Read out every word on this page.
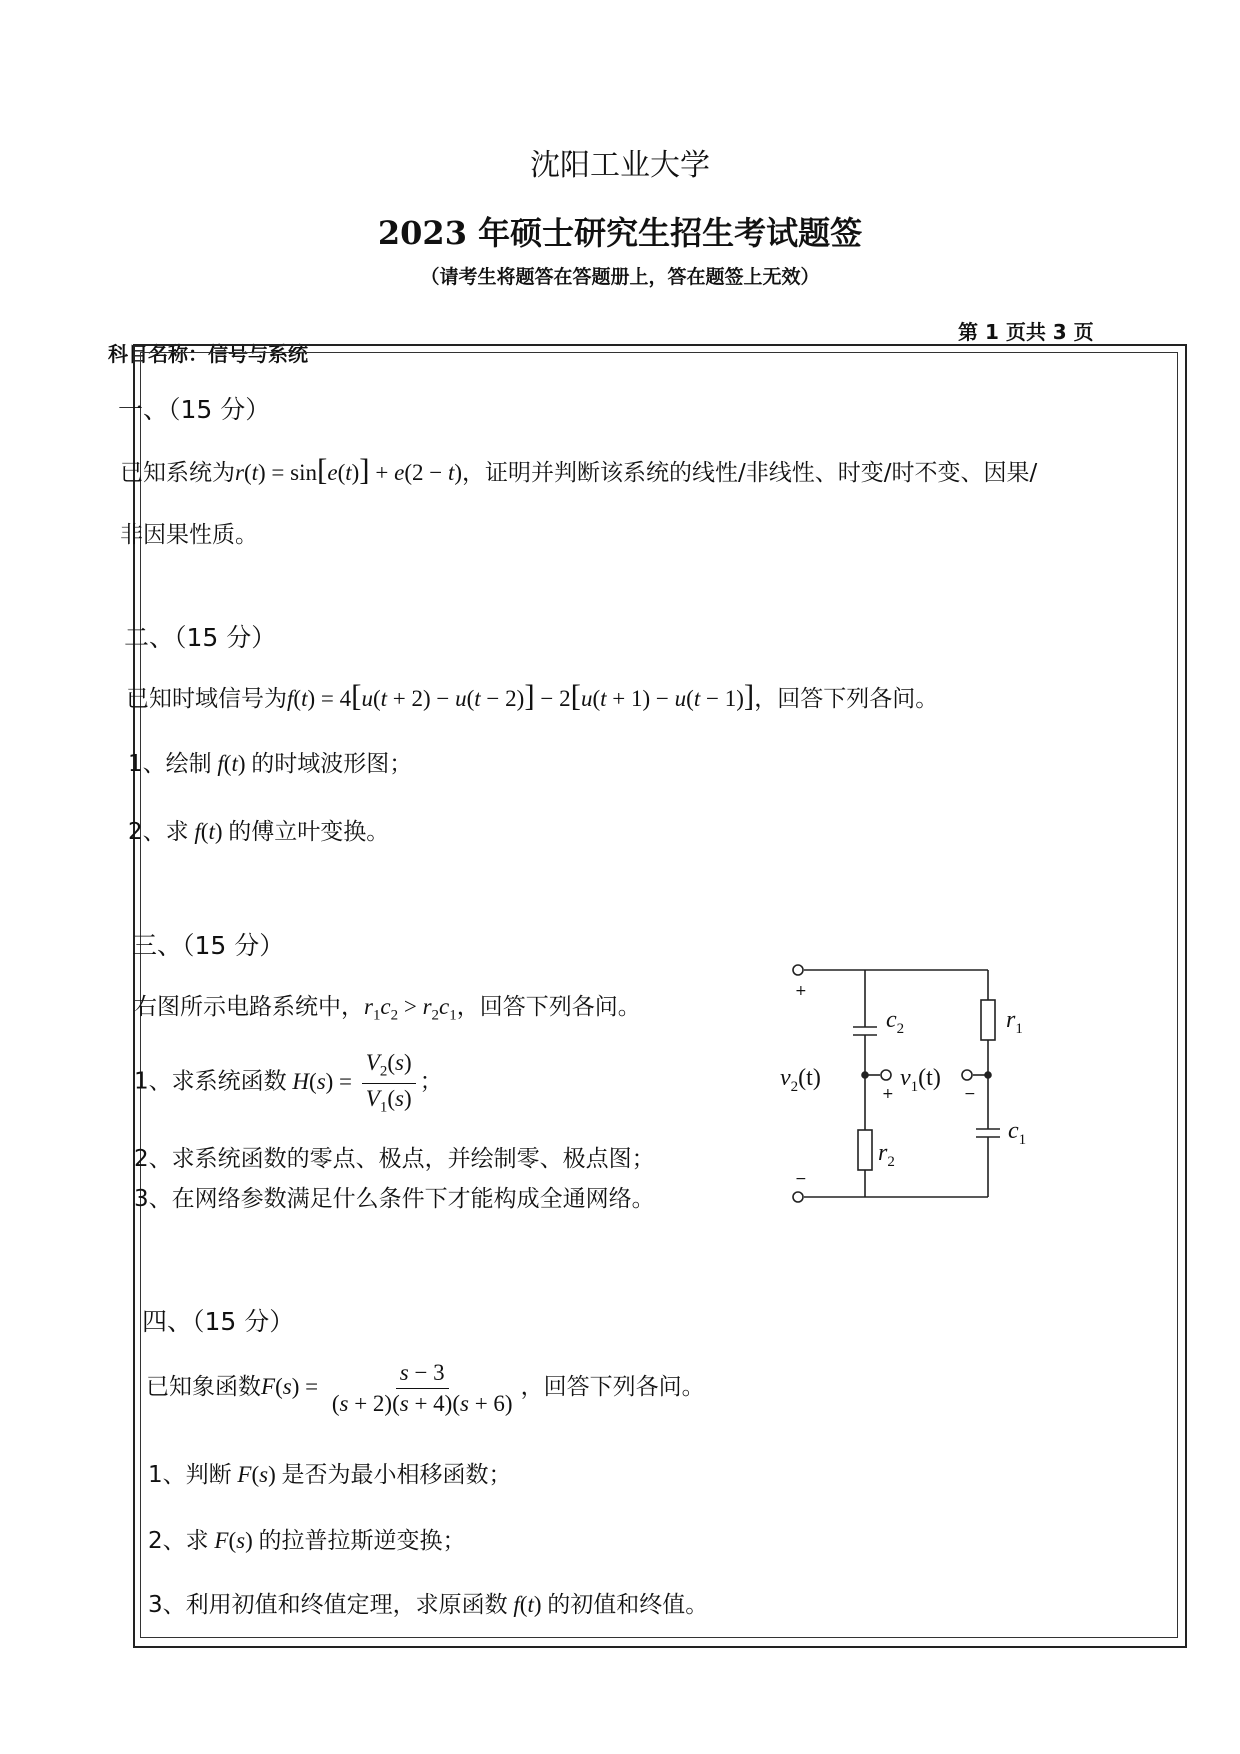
沈阳工业大学
2023 年硕士研究生招生考试题签
（请考生将题答在答题册上，答在题签上无效）
科目名称：信号与系统
第 1 页共 3 页
一、（15 分）
已知系统为r(t) = sin[e(t)] + e(2 − t)，证明并判断该系统的线性/非线性、时变/时不变、因果/
非因果性质。
二、（15 分）
已知时域信号为f(t) = 4[u(t + 2) − u(t − 2)] − 2[u(t + 1) − u(t − 1)]，回答下列各问。
1、绘制 f(t) 的时域波形图；
2、求 f(t) 的傅立叶变换。
三、（15 分）
右图所示电路系统中，$r_1c_2 > r_2c_1$，回答下列各问。
1、求系统函数 $H(s) = \frac{V_2(s)}{V_1(s)}$ ；
2、求系统函数的零点、极点，并绘制零、极点图；
3、在网络参数满足什么条件下才能构成全通网络。
$c_2$	$r_1$
$r_2$
$c_1$
$v_2(t)$	$v_1(t)$
+
−
+	−
四、（15 分）
已知象函数$F(s) = \frac{s - 3}{(s + 2)(s + 4)(s + 6)}$ ，回答下列各问。
1、判断 F(s) 是否为最小相移函数；
2、求 F(s) 的拉普拉斯逆变换；
3、利用初值和终值定理，求原函数 f(t) 的初值和终值。
